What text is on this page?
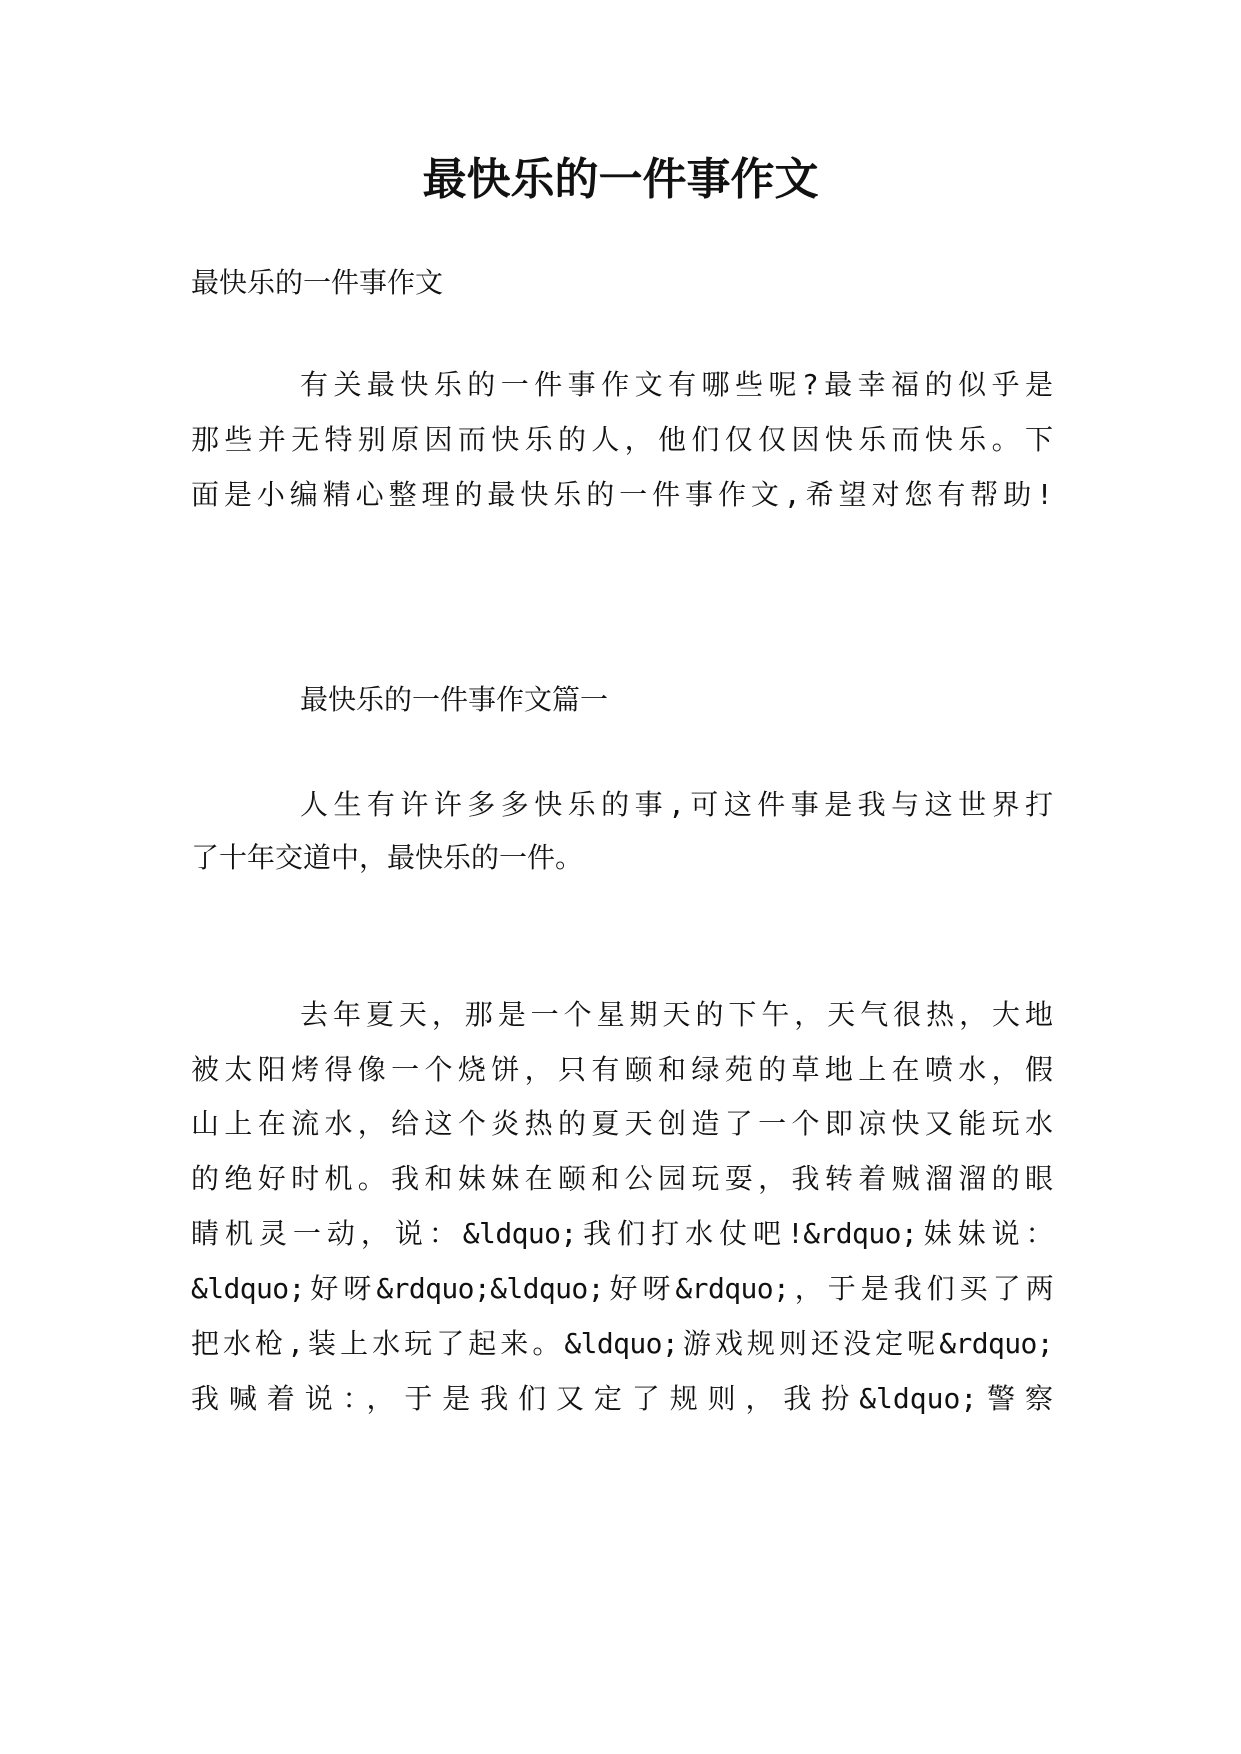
最快乐的一件事作文

最快乐的一件事作文

有关最快乐的一件事作文有哪些呢?最幸福的似乎是

那些并无特别原因而快乐的人，他们仅仅因快乐而快乐。下

面是小编精心整理的最快乐的一件事作文,希望对您有帮助!

最快乐的一件事作文篇一

人生有许许多多快乐的事,可这件事是我与这世界打

了十年交道中，最快乐的一件。

去年夏天，那是一个星期天的下午，天气很热，大地

被太阳烤得像一个烧饼，只有颐和绿苑的草地上在喷水，假

山上在流水，给这个炎热的夏天创造了一个即凉快又能玩水

的绝好时机。我和妹妹在颐和公园玩耍，我转着贼溜溜的眼

睛机灵一动，说：&ldquo;我们打水仗吧!&rdquo;妹妹说：

&ldquo;好呀&rdquo;&ldquo;好呀&rdquo;，于是我们买了两

把水枪,装上水玩了起来。&ldquo;游戏规则还没定呢&rdquo;

我喊着说：，于是我们又定了规则，我扮&ldquo;警察
